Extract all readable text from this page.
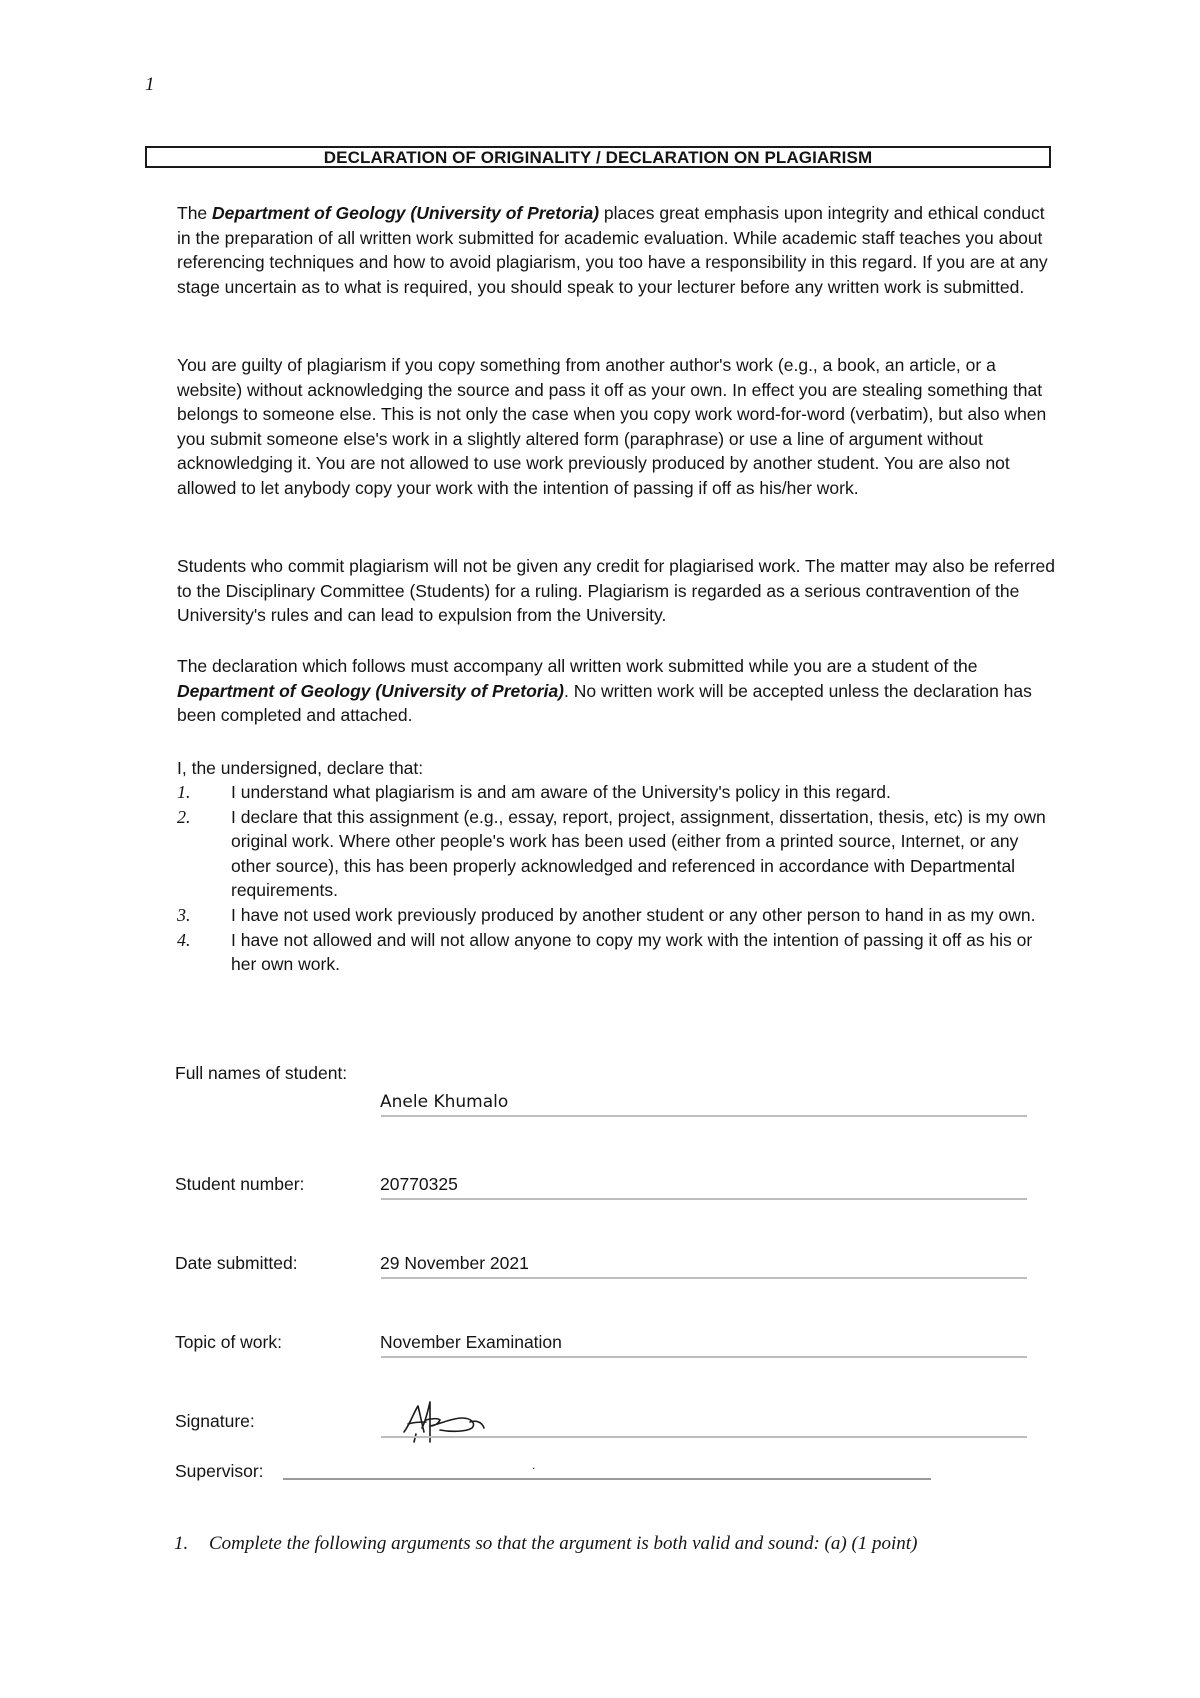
1
DECLARATION OF ORIGINALITY / DECLARATION ON PLAGIARISM

The Department of Geology (University of Pretoria) places great emphasis upon integrity and ethical conduct in the preparation of all written work submitted for academic evaluation. While academic staff teaches you about referencing techniques and how to avoid plagiarism, you too have a responsibility in this regard. If you are at any stage uncertain as to what is required, you should speak to your lecturer before any written work is submitted.

You are guilty of plagiarism if you copy something from another author's work (e.g., a book, an article, or a website) without acknowledging the source and pass it off as your own. In effect you are stealing something that belongs to someone else. This is not only the case when you copy work word-for-word (verbatim), but also when you submit someone else's work in a slightly altered form (paraphrase) or use a line of argument without acknowledging it. You are not allowed to use work previously produced by another student. You are also not allowed to let anybody copy your work with the intention of passing if off as his/her work.

Students who commit plagiarism will not be given any credit for plagiarised work. The matter may also be referred to the Disciplinary Committee (Students) for a ruling. Plagiarism is regarded as a serious contravention of the University's rules and can lead to expulsion from the University.

The declaration which follows must accompany all written work submitted while you are a student of the Department of Geology (University of Pretoria). No written work will be accepted unless the declaration has been completed and attached.

I, the undersigned, declare that:
1. I understand what plagiarism is and am aware of the University's policy in this regard.
2. I declare that this assignment (e.g., essay, report, project, assignment, dissertation, thesis, etc) is my own original work. Where other people's work has been used (either from a printed source, Internet, or any other source), this has been properly acknowledged and referenced in accordance with Departmental requirements.
3. I have not used work previously produced by another student or any other person to hand in as my own.
4. I have not allowed and will not allow anyone to copy my work with the intention of passing it off as his or her own work.
Full names of student:
Anele Khumalo
Student number:	20770325
Date submitted:	29 November 2021
Topic of work:	November Examination
Signature:
Supervisor:	.
1. Complete the following arguments so that the argument is both valid and sound: (a) (1 point)
